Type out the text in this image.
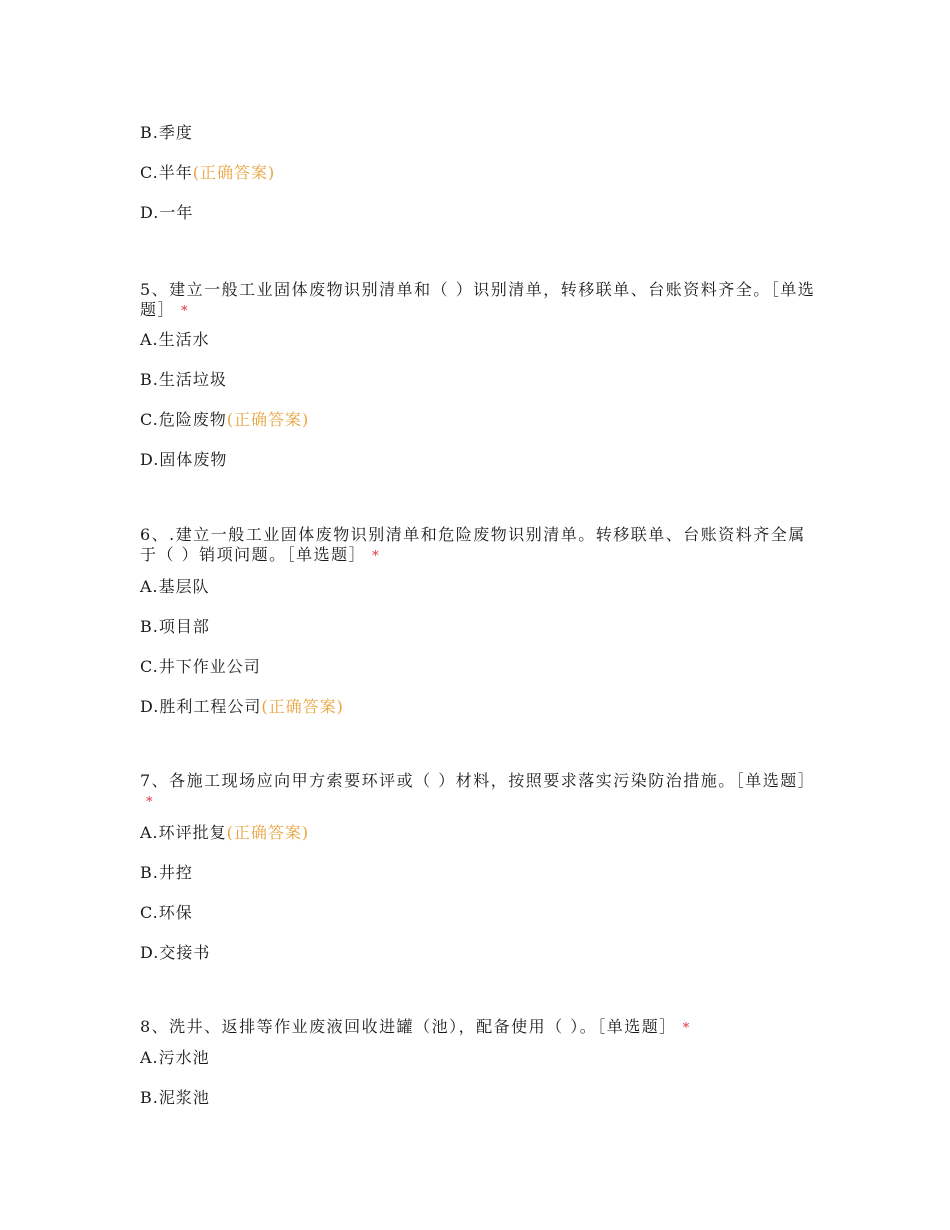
B.季度
C.半年(正确答案)
D.一年
5、建立一般工业固体废物识别清单和（ ）识别清单，转移联单、台账资料齐全。［单选题］ *
A.生活水
B.生活垃圾
C.危险废物(正确答案)
D.固体废物
6、.建立一般工业固体废物识别清单和危险废物识别清单。转移联单、台账资料齐全属于（ ）销项问题。［单选题］ *
A.基层队
B.项目部
C.井下作业公司
D.胜利工程公司(正确答案)
7、各施工现场应向甲方索要环评或（ ）材料，按照要求落实污染防治措施。［单选题］*
A.环评批复(正确答案)
B.井控
C.环保
D.交接书
8、洗井、返排等作业废液回收进罐（池），配备使用（ ）。［单选题］ *
A.污水池
B.泥浆池
